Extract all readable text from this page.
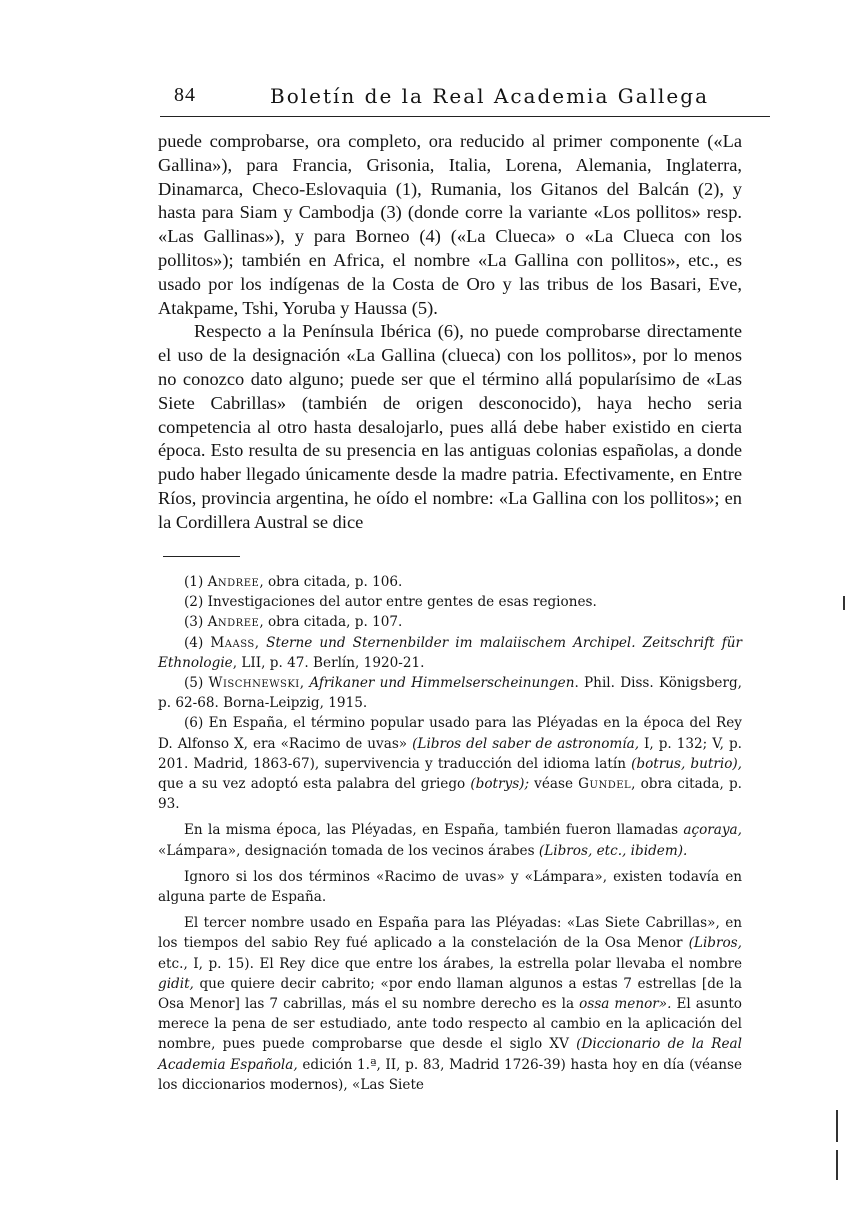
84	Boletín de la Real Academia Gallega

puede comprobarse, ora completo, ora reducido al primer componente («La Gallina»), para Francia, Grisonia, Italia, Lorena, Alemania, Inglaterra, Dinamarca, Checo-Eslovaquia (1), Rumania, los Gitanos del Balcán (2), y hasta para Siam y Cambodja (3) (donde corre la variante «Los pollitos» resp. «Las Gallinas»), y para Borneo (4) («La Clueca» o «La Clueca con los pollitos»); también en Africa, el nombre «La Gallina con pollitos», etc., es usado por los indígenas de la Costa de Oro y las tribus de los Basari, Eve, Atakpame, Tshi, Yoruba y Haussa (5).

Respecto a la Península Ibérica (6), no puede comprobarse directamente el uso de la designación «La Gallina (clueca) con los pollitos», por lo menos no conozco dato alguno; puede ser que el término allá popularísimo de «Las Siete Cabrillas» (también de origen desconocido), haya hecho seria competencia al otro hasta desalojarlo, pues allá debe haber existido en cierta época. Esto resulta de su presencia en las antiguas colonias españolas, a donde pudo haber llegado únicamente desde la madre patria. Efectivamente, en Entre Ríos, provincia argentina, he oído el nombre: «La Gallina con los pollitos»; en la Cordillera Austral se dice

(1) Andree, obra citada, p. 106.

(2) Investigaciones del autor entre gentes de esas regiones.

(3) Andree, obra citada, p. 107.

(4) Maass, Sterne und Sternenbilder im malaiischem Archipel. Zeitschrift für Ethnologie, LII, p. 47. Berlín, 1920-21.

(5) Wischnewski, Afrikaner und Himmelserscheinungen. Phil. Diss. Königsberg, p. 62-68. Borna-Leipzig, 1915.

(6) En España, el término popular usado para las Pléyadas en la época del Rey D. Alfonso X, era «Racimo de uvas» (Libros del saber de astronomía, I, p. 132; V, p. 201. Madrid, 1863-67), supervivencia y traducción del idioma latín (botrus, butrio), que a su vez adoptó esta palabra del griego (botrys); véase Gundel, obra citada, p. 93.

En la misma época, las Pléyadas, en España, también fueron llamadas açoraya, «Lámpara», designación tomada de los vecinos árabes (Libros, etc., ibidem).

Ignoro si los dos términos «Racimo de uvas» y «Lámpara», existen todavía en alguna parte de España.

El tercer nombre usado en España para las Pléyadas: «Las Siete Cabrillas», en los tiempos del sabio Rey fué aplicado a la constelación de la Osa Menor (Libros, etc., I, p. 15). El Rey dice que entre los árabes, la estrella polar llevaba el nombre gidit, que quiere decir cabrito; «por endo llaman algunos a estas 7 estrellas [de la Osa Menor] las 7 cabrillas, más el su nombre derecho es la ossa menor». El asunto merece la pena de ser estudiado, ante todo respecto al cambio en la aplicación del nombre, pues puede comprobarse que desde el siglo XV (Diccionario de la Real Academia Española, edición 1.ª, II, p. 83, Madrid 1726-39) hasta hoy en día (véanse los diccionarios modernos), «Las Siete
